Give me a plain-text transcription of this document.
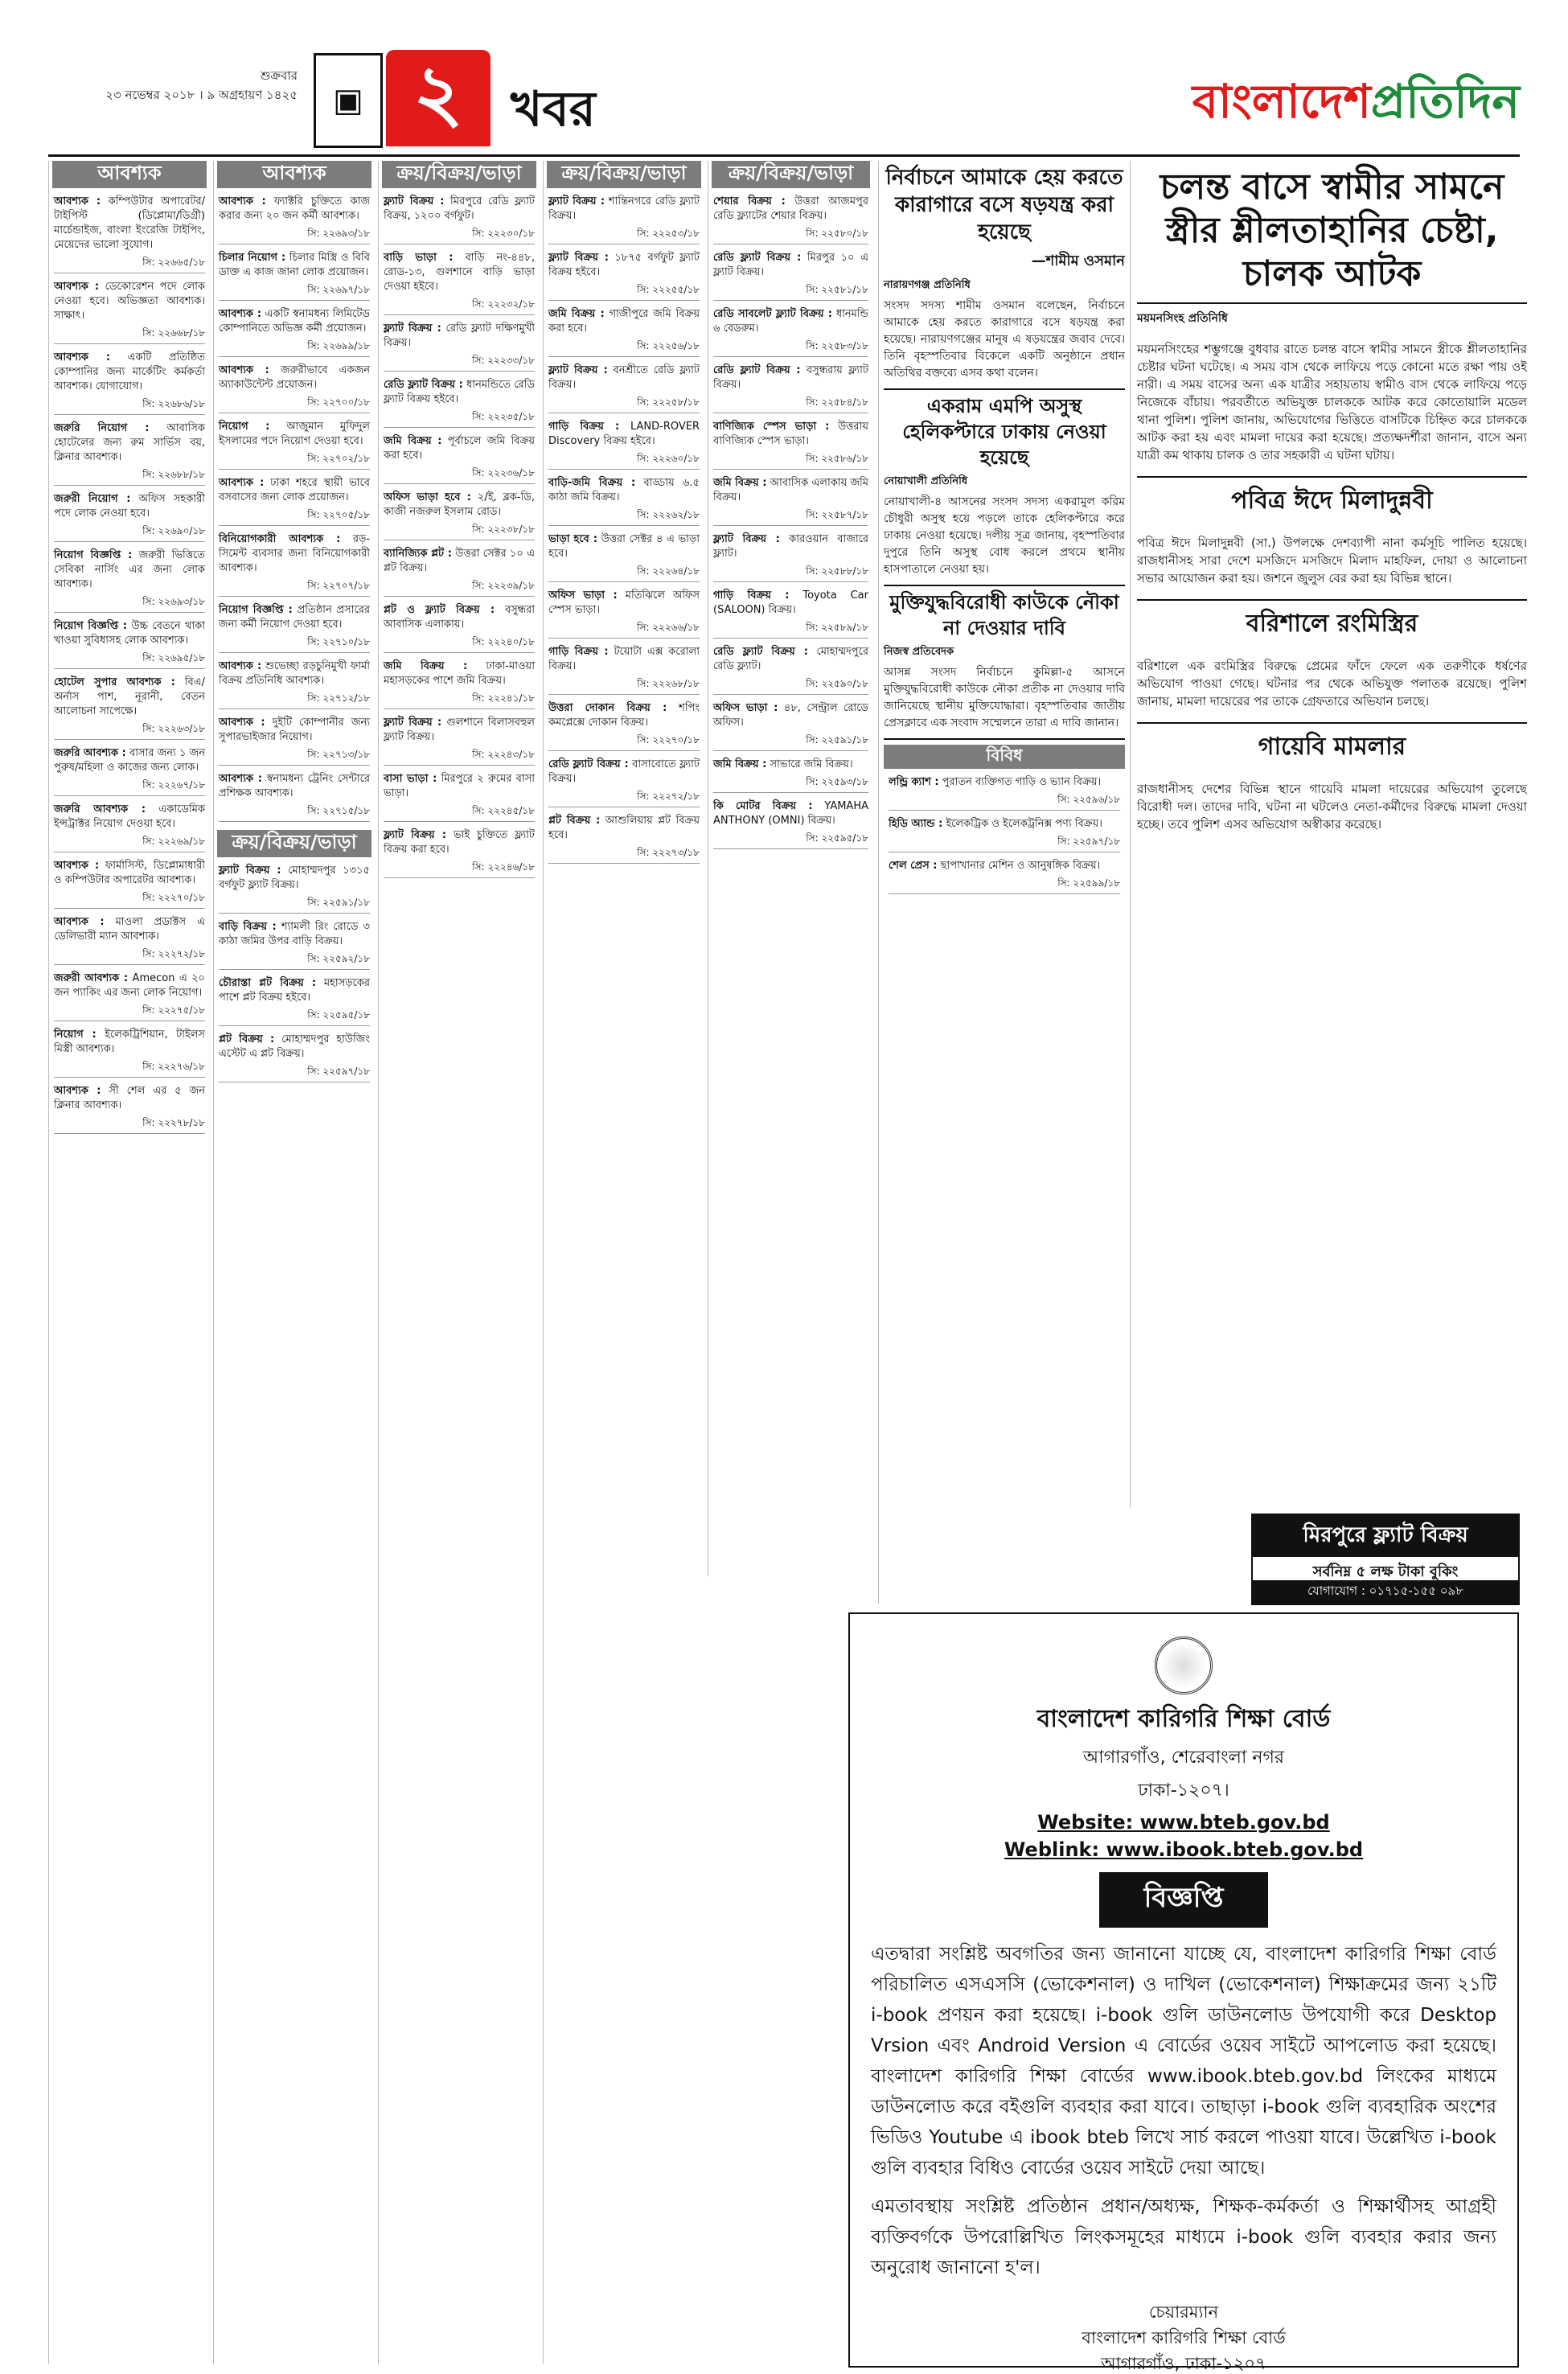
শুক্রবার
২৩ নভেম্বর ২০১৮ । ৯ অগ্রহায়ণ ১৪২৫ ▣ ২ খবর	বাংলাদেশপ্রতিদিন
আবশ্যক
আবশ্যক : কম্পিউটার অপারেটর/ টাইপিস্ট (ডিপ্লোমা/ডিগ্রী) মার্চেন্ডাইজ, বাংলা ইংরেজি টাইপিং, মেয়েদের ভালো সুযোগ।
সি: ২২৬৬৫/১৮
আবশ্যক : ডেকোরেশন পদে লোক নেওয়া হবে। অভিজ্ঞতা আবশ্যক। সাক্ষাৎ।
সি: ২২৬৬৮/১৮
আবশ্যক : একটি প্রতিষ্ঠিত কোম্পানির জন্য মার্কেটিং কর্মকর্তা আবশ্যক। যোগাযোগ।
সি: ২২৬৮৬/১৮
জরুরি নিয়োগ : আবাসিক হোটেলের জন্য রুম সার্ভিস বয়, ক্লিনার আবশ্যক।
সি: ২২৬৮৮/১৮
জরুরী নিয়োগ : অফিস সহকারী পদে লোক নেওয়া হবে।
সি: ২২৬৯০/১৮
নিয়োগ বিজ্ঞপ্তি : জরুরী ভিত্তিতে সেবিকা নার্সিং এর জন্য লোক আবশ্যক।
সি: ২২৬৯৩/১৮
নিয়োগ বিজ্ঞপ্তি : উচ্চ বেতনে থাকা খাওয়া সুবিধাসহ লোক আবশ্যক।
সি: ২২৬৯৫/১৮
হোটেল সুপার আবশ্যক : বিএ/অর্নাস পাশ, নূরানী, বেতন আলোচনা সাপেক্ষে।
সি: ২২২৬৩/১৮
জরুরি আবশ্যক : বাসার জন্য ১ জন পুরুষ/মহিলা ও কাজের জন্য লোক।
সি: ২২২৬৭/১৮
জরুরি আবশ্যক : একাডেমিক ইন্সট্রাক্টর নিয়োগ দেওয়া হবে।
সি: ২২২৬৯/১৮
আবশ্যক : ফার্মাসিস্ট, ডিপ্লোমাধারী ও কম্পিউটার অপারেটর আবশ্যক।
সি: ২২২৭০/১৮
আবশ্যক : মাওলা প্রডাক্টস এ ডেলিভারী ম্যান আবশ্যক।
সি: ২২২৭২/১৮
জরুরী আবশ্যক : Amecon এ ২০ জন প্যাকিং এর জন্য লোক নিয়োগ।
সি: ২২২৭৫/১৮
নিয়োগ : ইলেকট্রিশিয়ান, টাইলস মিস্ত্রী আবশ্যক।
সি: ২২২৭৬/১৮
আবশ্যক : সী শেল এর ৫ জন ক্লিনার আবশ্যক।
সি: ২২২৭৮/১৮
আবশ্যক
আবশ্যক : ফ্যাক্টরি চুক্তিতে কাজ করার জন্য ২০ জন কর্মী আবশ্যক।
সি: ২২৬৯৩/১৮
চিলার নিয়োগ : চিলার মিস্ত্রি ও বিবি ডাক্ত এ কাজ জানা লোক প্রয়োজন।
সি: ২২৬৯৭/১৮
আবশ্যক : একটি স্বনামধন্য লিমিটেড কোম্পানিতে অভিজ্ঞ কর্মী প্রয়োজন।
সি: ২২৬৯৯/১৮
আবশ্যক : জরুরীভাবে একজন অ্যাকাউন্টেন্ট প্রয়োজন।
সি: ২২৭০০/১৮
নিয়োগ : আজুমান মুফিদুল ইসলামের পদে নিয়োগ দেওয়া হবে।
সি: ২২৭০২/১৮
আবশ্যক : ঢাকা শহরে স্থায়ী ভাবে বসবাসের জন্য লোক প্রয়োজন।
সি: ২২৭০৫/১৮
বিনিয়োগকারী আবশ্যক : রড়-সিমেন্ট ব্যবসার জন্য বিনিয়োগকারী আবশ্যক।
সি: ২২৭০৭/১৮
নিয়োগ বিজ্ঞপ্তি : প্রতিষ্ঠান প্রসারের জন্য কর্মী নিয়োগ দেওয়া হবে।
সি: ২২৭১০/১৮
আবশ্যক : শুভেচ্ছা রড়চুনিমুখী ফার্মা বিক্রয় প্রতিনিধি আবশ্যক।
সি: ২২৭১২/১৮
আবশ্যক : দুইটি কোম্পানীর জন্য সুপারভাইজার নিয়োগ।
সি: ২২৭১৩/১৮
আবশ্যক : স্বনামধন্য ট্রেনিং সেন্টারে প্রশিক্ষক আবশ্যক।
সি: ২২৭১৫/১৮
ক্রয়/বিক্রয়/ভাড়া
ফ্ল্যাট বিক্রয় : মোহাম্মদপুর ১৩১৫ বর্গফুট ফ্ল্যাট বিক্রয়।
সি: ২২৫৯১/১৮
বাড়ি বিক্রয় : শ্যামলী রিং রোডে ৩ কাঠা জমির উপর বাড়ি বিক্রয়।
সি: ২২৫৯২/১৮
চৌরাস্তা প্লট বিক্রয় : মহাসড়কের পাশে প্লট বিক্রয় হইবে।
সি: ২২৫৯৫/১৮
প্লট বিক্রয় : মোহাম্মদপুর হাউজিং এস্টেট এ প্লট বিক্রয়।
সি: ২২৫৯৭/১৮
ক্রয়/বিক্রয়/ভাড়া
ফ্ল্যাট বিক্রয় : মিরপুরে রেডি ফ্ল্যাট বিক্রয়, ১২০০ বর্গফুট।
সি: ২২২৩০/১৮
বাড়ি ভাড়া : বাড়ি নং-৪৪৮, রোড-১৩, গুলশানে বাড়ি ভাড়া দেওয়া হইবে।
সি: ২২২৩২/১৮
ফ্ল্যাট বিক্রয় : রেডি ফ্ল্যাট দক্ষিণমুখী বিক্রয়।
সি: ২২২৩৩/১৮
রেডি ফ্ল্যাট বিক্রয় : ধানমন্ডিতে রেডি ফ্ল্যাট বিক্রয় হইবে।
সি: ২২২৩৫/১৮
জমি বিক্রয় : পূর্বাচলে জমি বিক্রয় করা হবে।
সি: ২২২৩৬/১৮
অফিস ভাড়া হবে : ২/ই, ব্লক-ডি, কাজী নজরুল ইসলাম রোড।
সি: ২২২৩৮/১৮
ব্যানিজ্যিক প্লট : উত্তরা সেক্টর ১০ এ প্লট বিক্রয়।
সি: ২২২৩৯/১৮
প্লট ও ফ্ল্যাট বিক্রয় : বসুন্ধরা আবাসিক এলাকায়।
সি: ২২২৪০/১৮
জমি বিক্রয় : ঢাকা-মাওয়া মহাসড়কের পাশে জমি বিক্রয়।
সি: ২২২৪১/১৮
ফ্ল্যাট বিক্রয় : গুলশানে বিলাসবহুল ফ্ল্যাট বিক্রয়।
সি: ২২২৪৩/১৮
বাসা ভাড়া : মিরপুরে ২ রুমের বাসা ভাড়া।
সি: ২২২৪৫/১৮
ফ্ল্যাট বিক্রয় : ভাই চুক্তিতে ফ্ল্যাট বিক্রয় করা হবে।
সি: ২২২৪৬/১৮
ক্রয়/বিক্রয়/ভাড়া
ফ্ল্যাট বিক্রয় : শান্তিনগরে রেডি ফ্ল্যাট বিক্রয়।
সি: ২২২৫৩/১৮
ফ্ল্যাট বিক্রয় : ১৮৭৫ বর্গফুট ফ্ল্যাট বিক্রয় হইবে।
সি: ২২২৫৫/১৮
জমি বিক্রয় : গাজীপুরে জমি বিক্রয় করা হবে।
সি: ২২২৫৬/১৮
ফ্ল্যাট বিক্রয় : বনশ্রীতে রেডি ফ্ল্যাট বিক্রয়।
সি: ২২২৫৮/১৮
গাড়ি বিক্রয় : LAND-ROVER Discovery বিক্রয় হইবে।
সি: ২২২৬০/১৮
বাড়ি-জমি বিক্রয় : বাড্ডায় ৬.৫ কাঠা জমি বিক্রয়।
সি: ২২২৬২/১৮
ভাড়া হবে : উত্তরা সেক্টর ৪ এ ভাড়া হবে।
সি: ২২২৬৪/১৮
অফিস ভাড়া : মতিঝিলে অফিস স্পেস ভাড়া।
সি: ২২২৬৬/১৮
গাড়ি বিক্রয় : টয়োটা এক্স করোলা বিক্রয়।
সি: ২২২৬৮/১৮
উত্তরা দোকান বিক্রয় : শপিং কমপ্লেক্সে দোকান বিক্রয়।
সি: ২২২৭০/১৮
রেডি ফ্ল্যাট বিক্রয় : বাসাবোতে ফ্ল্যাট বিক্রয়।
সি: ২২২৭২/১৮
প্লট বিক্রয় : আশুলিয়ায় প্লট বিক্রয় হবে।
সি: ২২২৭৩/১৮
ক্রয়/বিক্রয়/ভাড়া
শেয়ার বিক্রয় : উত্তরা আজমপুর রেডি ফ্ল্যাটের শেয়ার বিক্রয়।
সি: ২২৫৮০/১৮
রেডি ফ্ল্যাট বিক্রয় : মিরপুর ১০ এ ফ্ল্যাট বিক্রয়।
সি: ২২৫৮১/১৮
রেডি সাবলেট ফ্ল্যাট বিক্রয় : ধানমন্ডি ৬ বেডরুম।
সি: ২২৫৮৩/১৮
রেডি ফ্ল্যাট বিক্রয় : বসুন্ধরায় ফ্ল্যাট বিক্রয়।
সি: ২২৫৮৪/১৮
বাণিজ্যিক স্পেস ভাড়া : উত্তরায় বাণিজ্যিক স্পেস ভাড়া।
সি: ২২৫৮৬/১৮
জমি বিক্রয় : আবাসিক এলাকায় জমি বিক্রয়।
সি: ২২৫৮৭/১৮
ফ্ল্যাট বিক্রয় : কারওয়ান বাজারে ফ্ল্যাট।
সি: ২২৫৮৮/১৮
গাড়ি বিক্রয় : Toyota Car (SALOON) বিক্রয়।
সি: ২২৫৮৯/১৮
রেডি ফ্ল্যাট বিক্রয় : মোহাম্মদপুরে রেডি ফ্ল্যাট।
সি: ২২৫৯০/১৮
অফিস ভাড়া : ৪৮, সেন্ট্রাল রোডে অফিস।
সি: ২২৫৯১/১৮
জমি বিক্রয় : সাভারে জমি বিক্রয়।
সি: ২২৫৯৩/১৮
কি মোটর বিক্রয় : YAMAHA ANTHONY (OMNI) বিক্রয়।
সি: ২২৫৯৫/১৮

নির্বাচনে আমাকে হেয় করতে কারাগারে বসে ষড়যন্ত্র করা হয়েছে

—শামীম ওসমান

নারায়ণগঞ্জ প্রতিনিধি

সংসদ সদস্য শামীম ওসমান বলেছেন, নির্বাচনে আমাকে হেয় করতে কারাগারে বসে ষড়যন্ত্র করা হয়েছে। নারায়ণগঞ্জের মানুষ এ ষড়যন্ত্রের জবাব দেবে। তিনি বৃহস্পতিবার বিকেলে একটি অনুষ্ঠানে প্রধান অতিথির বক্তব্যে এসব কথা বলেন।

একরাম এমপি অসুস্থ হেলিকপ্টারে ঢাকায় নেওয়া হয়েছে

নোয়াখালী প্রতিনিধি

নোয়াখালী-৪ আসনের সংসদ সদস্য একরামুল করিম চৌধুরী অসুস্থ হয়ে পড়লে তাকে হেলিকপ্টারে করে ঢাকায় নেওয়া হয়েছে। দলীয় সূত্র জানায়, বৃহস্পতিবার দুপুরে তিনি অসুস্থ বোধ করলে প্রথমে স্থানীয় হাসপাতালে নেওয়া হয়।

মুক্তিযুদ্ধবিরোধী কাউকে নৌকা না দেওয়ার দাবি

নিজস্ব প্রতিবেদক

আসন্ন সংসদ নির্বাচনে কুমিল্লা-৫ আসনে মুক্তিযুদ্ধবিরোধী কাউকে নৌকা প্রতীক না দেওয়ার দাবি জানিয়েছে স্থানীয় মুক্তিযোদ্ধারা। বৃহস্পতিবার জাতীয় প্রেসক্লাবে এক সংবাদ সম্মেলনে তারা এ দাবি জানান।

বিবিধ
লন্ড্রি ক্যাশ : পুরাতন ব্যক্তিগত গাড়ি ও ভ্যান বিক্রয়।
সি: ২২৫৯৬/১৮
হিডি অ্যান্ড : ইলেকট্রিক ও ইলেকট্রনিক্স পণ্য বিক্রয়।
সি: ২২৫৯৭/১৮
শেল প্রেস : ছাপাখানার মেশিন ও আনুষঙ্গিক বিক্রয়।
সি: ২২৫৯৯/১৮

চলন্ত বাসে স্বামীর সামনে স্ত্রীর শ্লীলতাহানির চেষ্টা, চালক আটক

ময়মনসিংহ প্রতিনিধি

ময়মনসিংহের শম্ভুগঞ্জে বুধবার রাতে চলন্ত বাসে স্বামীর সামনে স্ত্রীকে শ্লীলতাহানির চেষ্টার ঘটনা ঘটেছে। এ সময় বাস থেকে লাফিয়ে পড়ে কোনো মতে রক্ষা পায় ওই নারী। এ সময় বাসের অন্য এক যাত্রীর সহায়তায় স্বামীও বাস থেকে লাফিয়ে পড়ে নিজেকে বাঁচায়। পরবর্তীতে অভিযুক্ত চালককে আটক করে কোতোয়ালি মডেল থানা পুলিশ। পুলিশ জানায়, অভিযোগের ভিত্তিতে বাসটিকে চিহ্নিত করে চালককে আটক করা হয় এবং মামলা দায়ের করা হয়েছে। প্রত্যক্ষদর্শীরা জানান, বাসে অন্য যাত্রী কম থাকায় চালক ও তার সহকারী এ ঘটনা ঘটায়।

পবিত্র ঈদে মিলাদুন্নবী

পবিত্র ঈদে মিলাদুন্নবী (সা.) উপলক্ষে দেশব্যাপী নানা কর্মসূচি পালিত হয়েছে। রাজধানীসহ সারা দেশে মসজিদে মসজিদে মিলাদ মাহফিল, দোয়া ও আলোচনা সভার আয়োজন করা হয়। জশনে জুলুস বের করা হয় বিভিন্ন স্থানে।

বরিশালে রংমিস্ত্রির

বরিশালে এক রংমিস্ত্রির বিরুদ্ধে প্রেমের ফাঁদে ফেলে এক তরুণীকে ধর্ষণের অভিযোগ পাওয়া গেছে। ঘটনার পর থেকে অভিযুক্ত পলাতক রয়েছে। পুলিশ জানায়, মামলা দায়েরের পর তাকে গ্রেফতারে অভিযান চলছে।

গায়েবি মামলার

রাজধানীসহ দেশের বিভিন্ন স্থানে গায়েবি মামলা দায়েরের অভিযোগ তুলেছে বিরোধী দল। তাদের দাবি, ঘটনা না ঘটলেও নেতা-কর্মীদের বিরুদ্ধে মামলা দেওয়া হচ্ছে। তবে পুলিশ এসব অভিযোগ অস্বীকার করেছে।

মিরপুরে ফ্ল্যাট বিক্রয়
সর্বনিম্ন ৫ লক্ষ টাকা বুকিং
যোগাযোগ : ০১৭১৫-১৫৫ ০৯৮
বাংলাদেশ কারিগরি শিক্ষা বোর্ড
আগারগাঁও, শেরেবাংলা নগর
ঢাকা-১২০৭।
Website: www.bteb.gov.bd
Weblink: www.ibook.bteb.gov.bd
বিজ্ঞপ্তি

এতদ্বারা সংশ্লিষ্ট অবগতির জন্য জানানো যাচ্ছে যে, বাংলাদেশ কারিগরি শিক্ষা বোর্ড পরিচালিত এসএসসি (ভোকেশনাল) ও দাখিল (ভোকেশনাল) শিক্ষাক্রমের জন্য ২১টি i-book প্রণয়ন করা হয়েছে। i-book গুলি ডাউনলোড উপযোগী করে Desktop Vrsion এবং Android Version এ বোর্ডের ওয়েব সাইটে আপলোড করা হয়েছে। বাংলাদেশ কারিগরি শিক্ষা বোর্ডের www.ibook.bteb.gov.bd লিংকের মাধ্যমে ডাউনলোড করে বইগুলি ব্যবহার করা যাবে। তাছাড়া i-book গুলি ব্যবহারিক অংশের ভিডিও Youtube এ ibook bteb লিখে সার্চ করলে পাওয়া যাবে। উল্লেখিত i-book গুলি ব্যবহার বিধিও বোর্ডের ওয়েব সাইটে দেয়া আছে।

এমতাবস্থায় সংশ্লিষ্ট প্রতিষ্ঠান প্রধান/অধ্যক্ষ, শিক্ষক-কর্মকর্তা ও শিক্ষার্থীসহ আগ্রহী ব্যক্তিবর্গকে উপরোল্লিখিত লিংকসমূহের মাধ্যমে i-book গুলি ব্যবহার করার জন্য অনুরোধ জানানো হ'ল।

চেয়ারম্যান
বাংলাদেশ কারিগরি শিক্ষা বোর্ড
আগারগাঁও, ঢাকা-১২০৭
